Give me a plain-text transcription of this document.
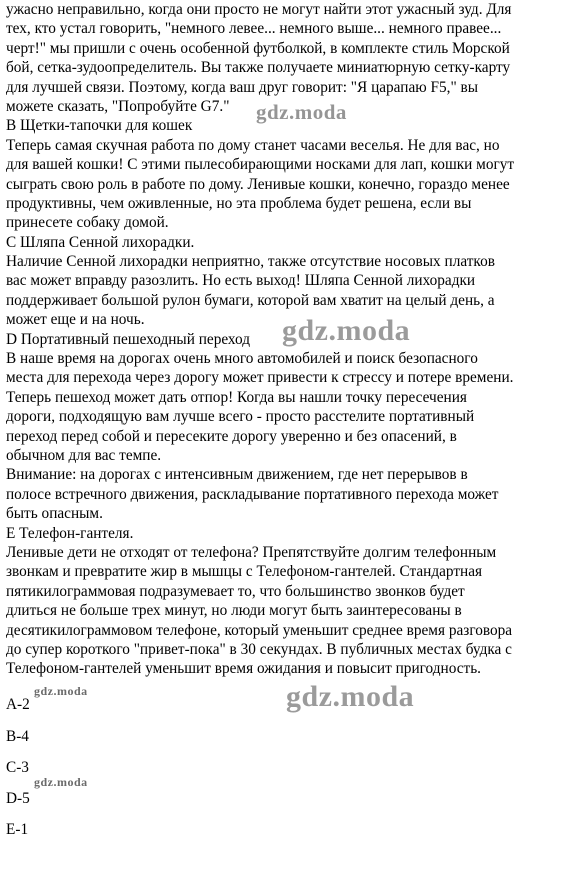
ужасно неправильно, когда они просто не могут найти этот ужасный зуд. Для
тех, кто устал говорить, "немного левее... немного выше... немного правее...
черт!" мы пришли с очень особенной футболкой, в комплекте стиль Морской
бой, сетка-зудоопределитель. Вы также получаете миниатюрную сетку-карту
для лучшей связи. Поэтому, когда ваш друг говорит: "Я царапаю F5," вы
можете сказать, "Попробуйте G7."
B Щетки-тапочки для кошек
Теперь самая скучная работа по дому станет часами веселья. Не для вас, но
для вашей кошки! С этими пылесобирающими носками для лап, кошки могут
сыграть свою роль в работе по дому. Ленивые кошки, конечно, гораздо менее
продуктивны, чем оживленные, но эта проблема будет решена, если вы
принесете собаку домой.
C Шляпа Сенной лихорадки.
Наличие Сенной лихорадки неприятно, также отсутствие носовых платков
вас может вправду разозлить. Но есть выход! Шляпа Сенной лихорадки
поддерживает большой рулон бумаги, которой вам хватит на целый день, а
может еще и на ночь.
D Портативный пешеходный переход
В наше время на дорогах очень много автомобилей и поиск безопасного
места для перехода через дорогу может привести к стрессу и потере времени.
Теперь пешеход может дать отпор! Когда вы нашли точку пересечения
дороги, подходящую вам лучше всего - просто расстелите портативный
переход перед собой и пересеките дорогу уверенно и без опасений, в
обычном для вас темпе.
Внимание: на дорогах с интенсивным движением, где нет перерывов в
полосе встречного движения, раскладывание портативного перехода может
быть опасным.
E Телефон-гантеля.
Ленивые дети не отходят от телефона? Препятствуйте долгим телефонным
звонкам и превратите жир в мышцы с Телефоном-гантелей. Стандартная
пятикилограммовая подразумевает то, что большинство звонков будет
длиться не больше трех минут, но люди могут быть заинтересованы в
десятикилограммовом телефоне, который уменьшит среднее время разговора
до супер короткого "привет-пока" в 30 секундах. В публичных местах будка с
Телефоном-гантелей уменьшит время ожидания и повысит пригодность.
A-2
B-4
C-3
D-5
E-1
gdz.moda
gdz.moda
gdz.moda
gdz.moda
gdz.moda
